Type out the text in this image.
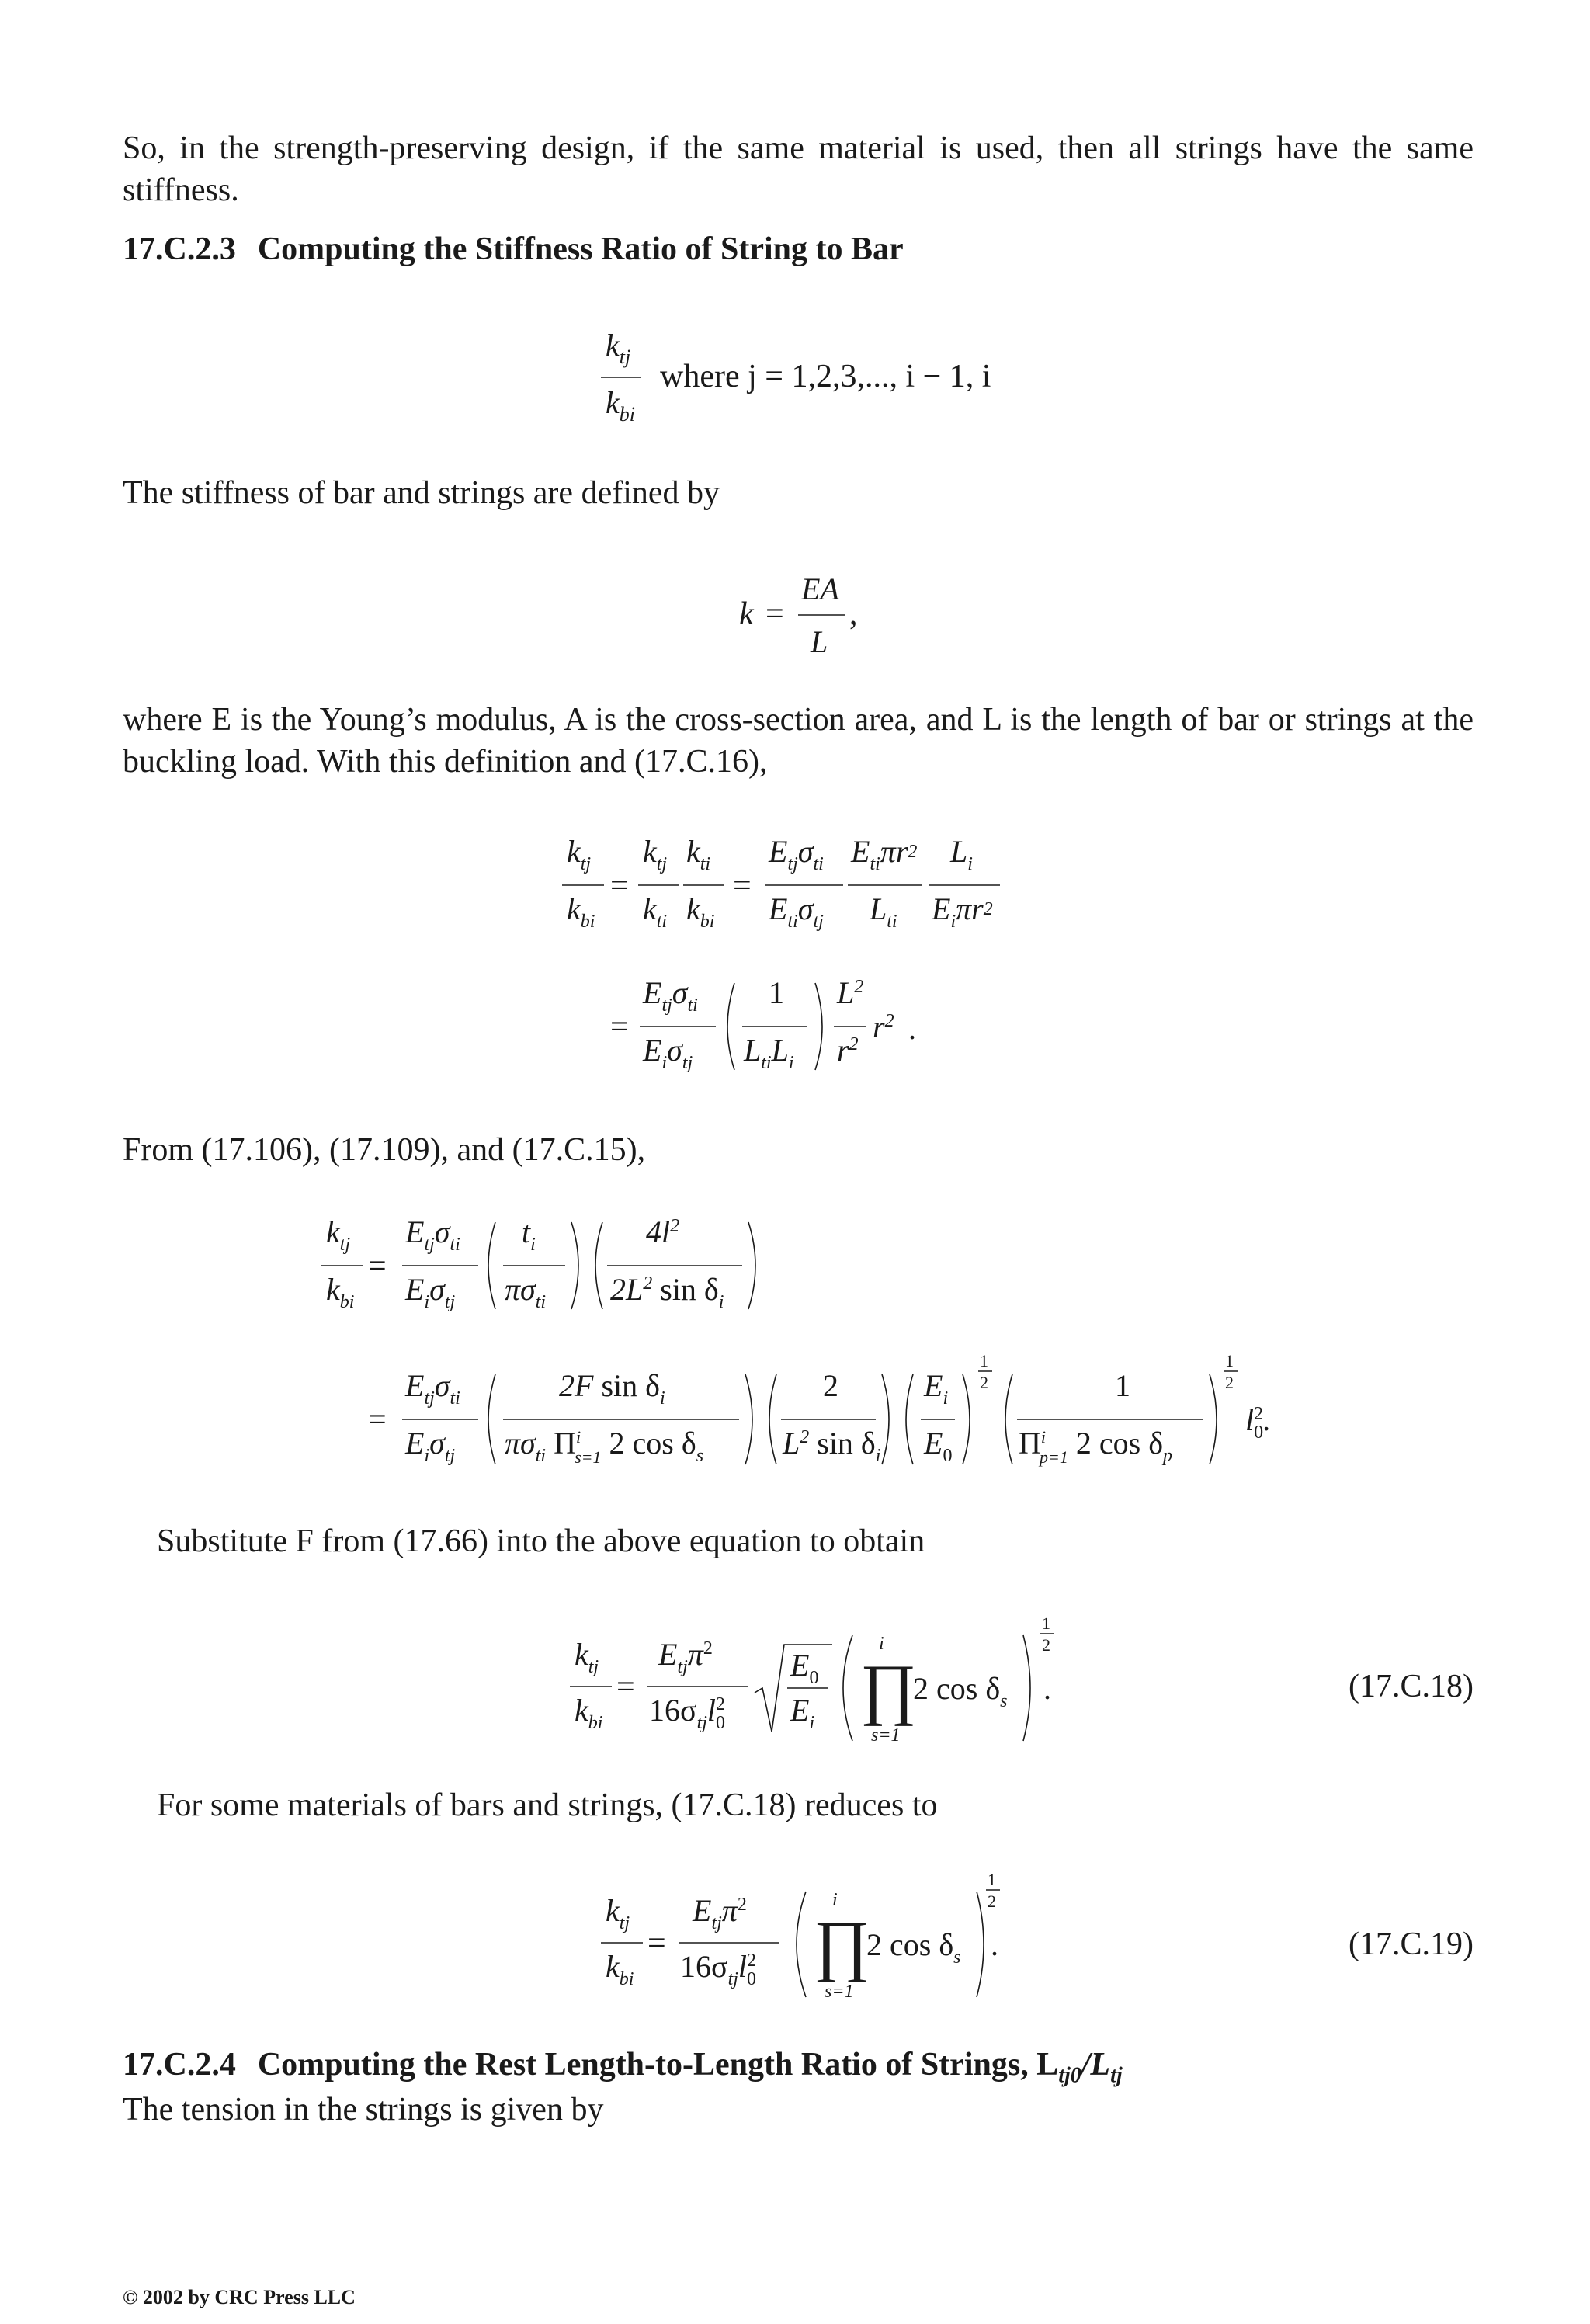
So, in the strength-preserving design, if the same material is used, then all strings have the same stiffness.
17.C.2.3 Computing the Stiffness Ratio of String to Bar
$k_{tj}$
$k_{bi}$
where j = 1,2,3,..., i − 1, i
The stiffness of bar and strings are defined by
k =
EA
L
,
where E is the Young’s modulus, A is the cross-section area, and L is the length of bar or strings at the buckling load. With this definition and (17.C.16),
$k_{tj}$
$k_{bi}$
=
$k_{tj}$
$k_{ti}$
$k_{ti}$
$k_{bi}$
=
$E_{tj}\sigma_{ti}$
$E_{ti}\sigma_{tj}$
$E_{ti}\pi r2$
$L_{ti}$
$L_i$
$E_i\pi r2$
=
$E_{tj}\sigma_{ti}$
$E_i\sigma_{tj}$
1
$L_{ti}L_i$
$L^2$
$r^2$ $r^2$ .
From (17.106), (17.109), and (17.C.15),
$k_{tj}$
$k_{bi}$
=
$E_{tj}\sigma_{ti}$
$E_i\sigma_{tj}$
$t_i$
$\pi\sigma_{ti}$
$4l^2$
$2L^2$ $\sin \delta_i$
=
$E_{tj}\sigma_{ti}$
$E_i\sigma_{tj}$
2F $\sin \delta_i$
$\pi\sigma_{ti}$ $\Pi^i$ s=1 2 $\cos \delta_s$
2
$L^2$ $\sin \delta_i$
$E_i$
$E_0$
1
2	1
$\Pi^i$ p=1 2 $\cos \delta_p$
1
2
$l^2$ 0.
Substitute F from (17.66) into the above equation to obtain
$k_{tj}$
$k_{bi}$
=
$E_{tj}\pi^2$
$16\sigma_{tj}l^2$ 0
$E_0$
$E_i$ ∏
i
s=1
2 $\cos \delta_s$
1
2
.	(17.C.18)
For some materials of bars and strings, (17.C.18) reduces to
$k_{tj}$
$k_{bi}$
=
$E_{tj}\pi^2$
$16\sigma_{tj}l^2$ 0 ∏
i
s=1
2 $\cos \delta_s$
1
2
.	(17.C.19)
17.C.2.4 Computing the Rest Length-to-Length Ratio of Strings, $L_{tj0}/L_{tj}$
The tension in the strings is given by
© 2002 by CRC Press LLC
